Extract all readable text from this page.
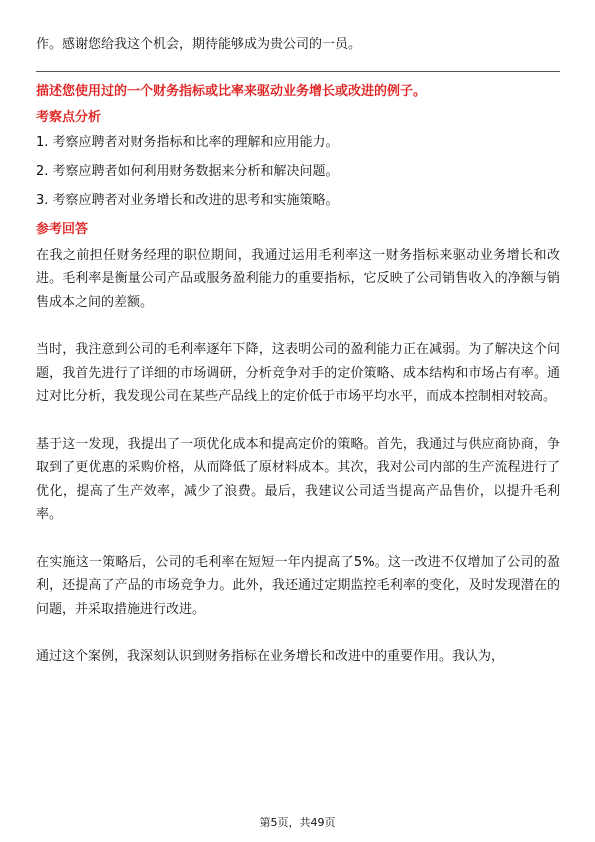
作。感谢您给我这个机会，期待能够成为贵公司的一员。

描述您使用过的一个财务指标或比率来驱动业务增长或改进的例子。

考察点分析

1. 考察应聘者对财务指标和比率的理解和应用能力。

2. 考察应聘者如何利用财务数据来分析和解决问题。

3. 考察应聘者对业务增长和改进的思考和实施策略。

参考回答

在我之前担任财务经理的职位期间，我通过运用毛利率这一财务指标来驱动业务增长和改进。毛利率是衡量公司产品或服务盈利能力的重要指标，它反映了公司销售收入的净额与销售成本之间的差额。

当时，我注意到公司的毛利率逐年下降，这表明公司的盈利能力正在减弱。为了解决这个问题，我首先进行了详细的市场调研，分析竞争对手的定价策略、成本结构和市场占有率。通过对比分析，我发现公司在某些产品线上的定价低于市场平均水平，而成本控制相对较高。

基于这一发现，我提出了一项优化成本和提高定价的策略。首先，我通过与供应商协商，争取到了更优惠的采购价格，从而降低了原材料成本。其次，我对公司内部的生产流程进行了优化，提高了生产效率，减少了浪费。最后，我建议公司适当提高产品售价，以提升毛利率。

在实施这一策略后，公司的毛利率在短短一年内提高了5%。这一改进不仅增加了公司的盈利，还提高了产品的市场竞争力。此外，我还通过定期监控毛利率的变化，及时发现潜在的问题，并采取措施进行改进。

通过这个案例，我深刻认识到财务指标在业务增长和改进中的重要作用。我认为，

第5页，共49页
